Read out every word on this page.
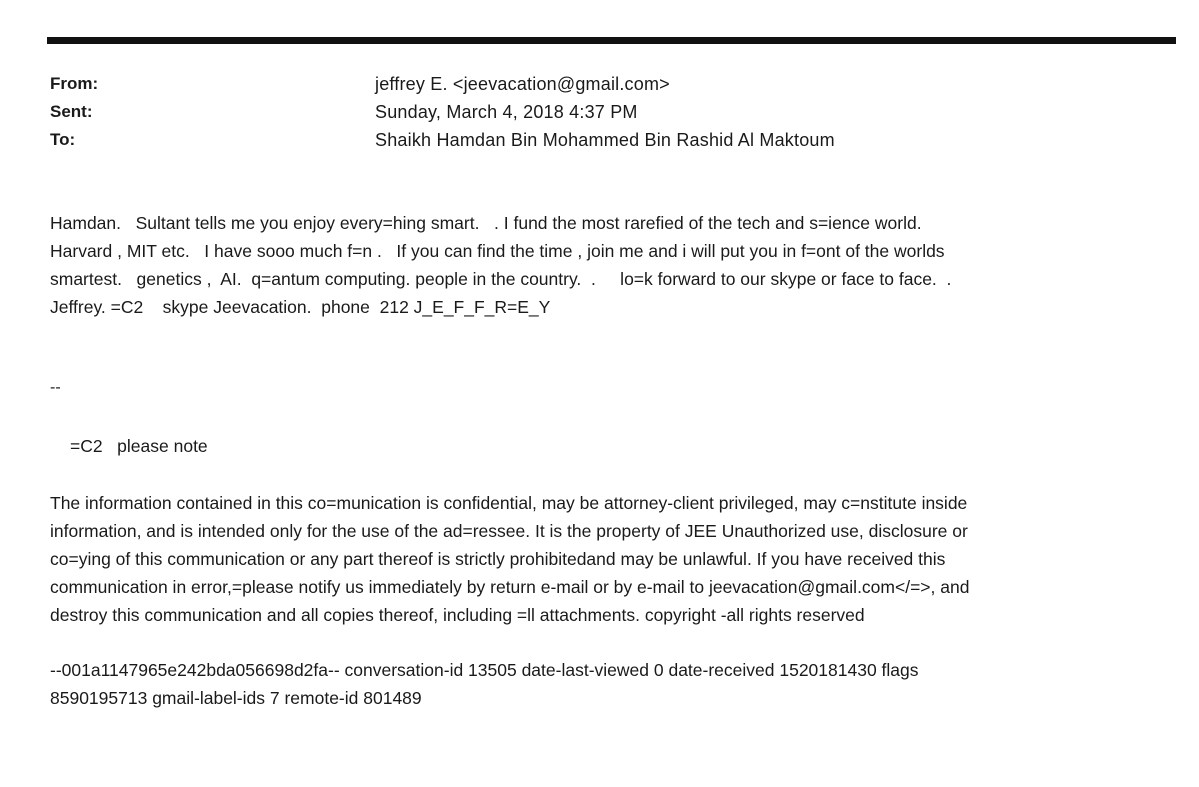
From:	jeffrey E. <jeevacation@gmail.com>
Sent:	Sunday, March 4, 2018 4:37 PM
To:	Shaikh Hamdan Bin Mohammed Bin Rashid Al Maktoum
Hamdan.   Sultant tells me you enjoy every=hing smart.   . I fund the most rarefied of the tech and s=ience world.
Harvard , MIT etc.   I have sooo much f=n .   If you can find the time , join me and i will put you in f=ont of the worlds
smartest.   genetics ,  AI.  q=antum computing. people in the country.  .     lo=k forward to our skype or face to face.  .
Jeffrey. =C2    skype Jeevacation.  phone  212 J_E_F_F_R=E_Y
--
=C2   please note
The information contained in this co=munication is confidential, may be attorney-client privileged, may c=nstitute inside
information, and is intended only for the use of the ad=ressee. It is the property of JEE Unauthorized use, disclosure or
co=ying of this communication or any part thereof is strictly prohibitedand may be unlawful. If you have received this
communication in error,=please notify us immediately by return e-mail or by e-mail to jeevacation@gmail.com</=>, and
destroy this communication and all copies thereof, including =ll attachments. copyright -all rights reserved
--001a1147965e242bda056698d2fa-- conversation-id 13505 date-last-viewed 0 date-received 1520181430 flags
8590195713 gmail-label-ids 7 remote-id 801489
